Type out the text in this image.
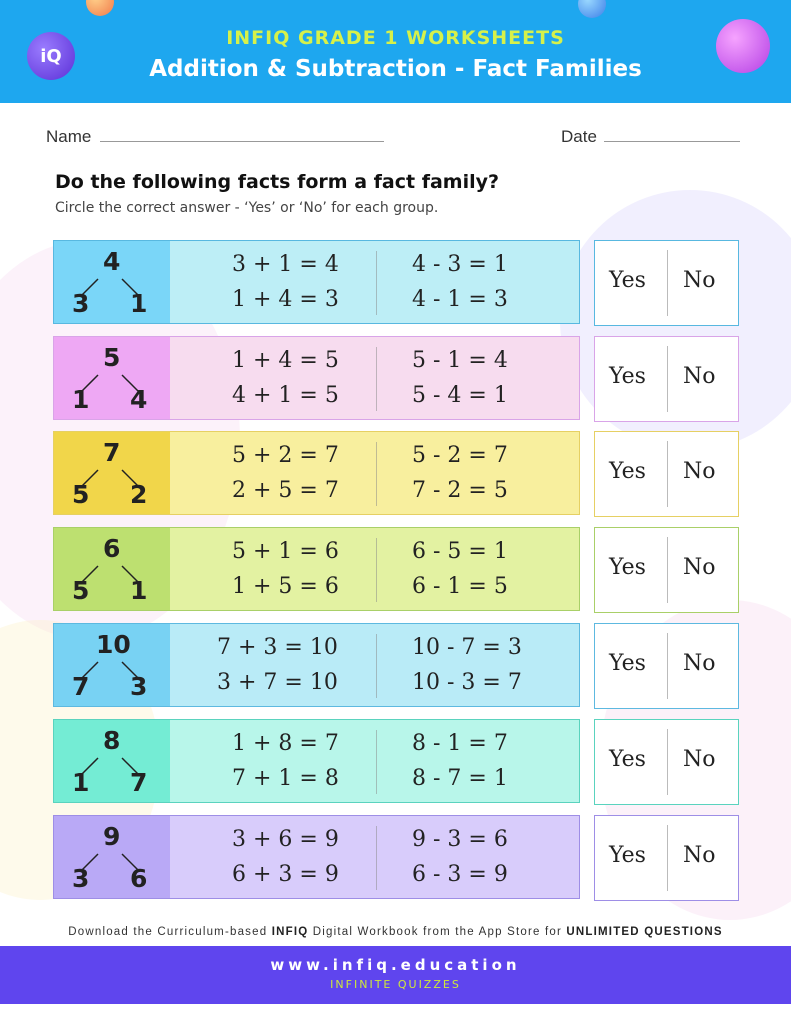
iQ
INFIQ GRADE 1 WORKSHEETS
Addition & Subtraction - Fact Families
Name	Date
Do the following facts form a fact family?
Circle the correct answer - ‘Yes’ or ‘No’ for each group.
4
3 1
3 + 1 = 4
1 + 4 = 3
4 - 3 = 1
4 - 1 = 3
Yes No
5
1 4
1 + 4 = 5
4 + 1 = 5
5 - 1 = 4
5 - 4 = 1
Yes No
7
5 2
5 + 2 = 7
2 + 5 = 7
5 - 2 = 7
7 - 2 = 5
Yes No
6
5 1
5 + 1 = 6
1 + 5 = 6
6 - 5 = 1
6 - 1 = 5
Yes No
10
7 3
7 + 3 = 10
3 + 7 = 10
10 - 7 = 3
10 - 3 = 7
Yes No
8
1 7
1 + 8 = 7
7 + 1 = 8
8 - 1 = 7
8 - 7 = 1
Yes No
9
3 6
3 + 6 = 9
6 + 3 = 9
9 - 3 = 6
6 - 3 = 9
Yes No
Download the Curriculum-based INFIQ Digital Workbook from the App Store for UNLIMITED QUESTIONS
www.infiq.education
INFINITE QUIZZES
